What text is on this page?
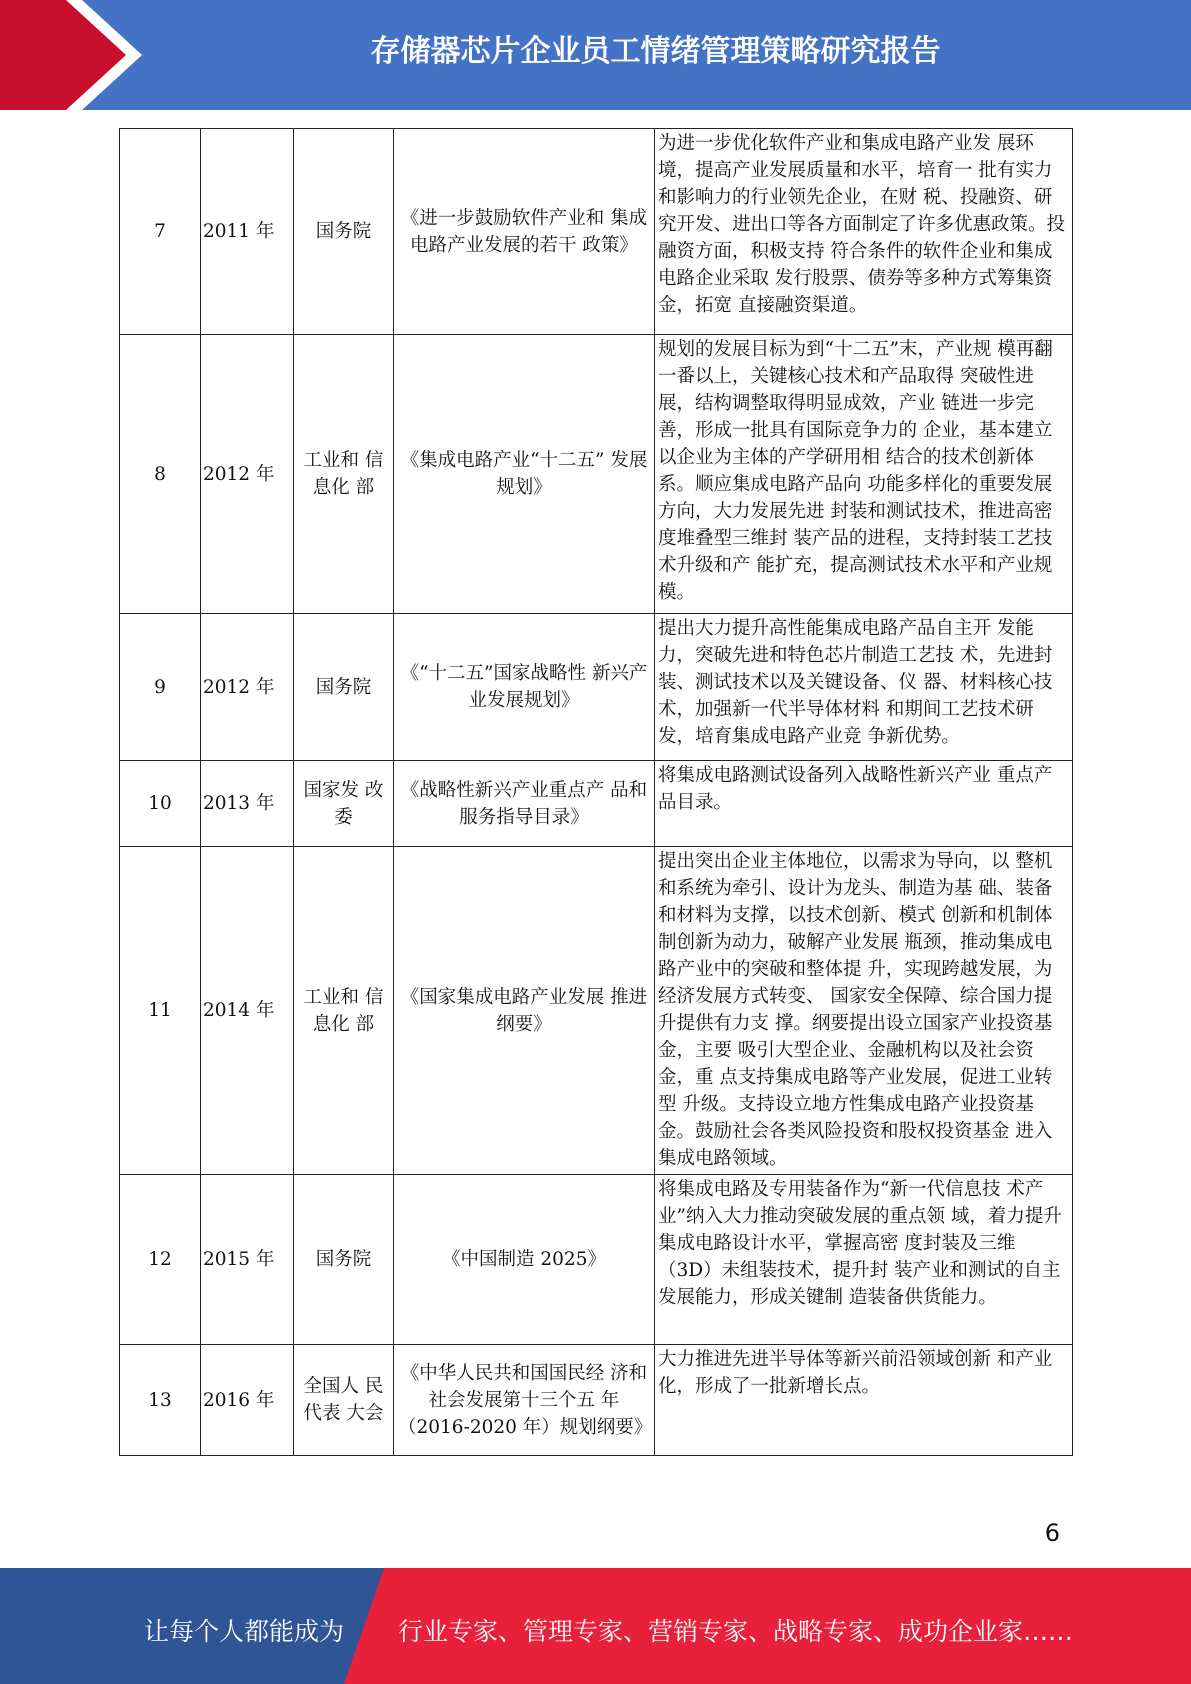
存储器芯片企业员工情绪管理策略研究报告
7	2011 年	国务院	《进一步鼓励软件产业和 集成电路产业发展的若干 政策》	为进一步优化软件产业和集成电路产业发 展环境，提高产业发展质量和水平，培育一 批有实力和影响力的行业领先企业，在财 税、投融资、研究开发、进出口等各方面制定了许多优惠政策。投融资方面，积极支持 符合条件的软件企业和集成电路企业采取 发行股票、债券等多种方式筹集资金，拓宽 直接融资渠道。
8	2012 年	工业和 信息化 部	《集成电路产业“十二五” 发展规划》	规划的发展目标为到“十二五”末，产业规 模再翻一番以上，关键核心技术和产品取得 突破性进展，结构调整取得明显成效，产业 链进一步完善，形成一批具有国际竞争力的 企业，基本建立以企业为主体的产学研用相 结合的技术创新体系。顺应集成电路产品向 功能多样化的重要发展方向，大力发展先进 封装和测试技术，推进高密度堆叠型三维封 装产品的进程，支持封装工艺技术升级和产 能扩充，提高测试技术水平和产业规模。
9	2012 年	国务院	《“十二五”国家战略性 新兴产业发展规划》	提出大力提升高性能集成电路产品自主开 发能力，突破先进和特色芯片制造工艺技 术，先进封装、测试技术以及关键设备、仪 器、材料核心技术，加强新一代半导体材料 和期间工艺技术研发，培育集成电路产业竞 争新优势。
10	2013 年	国家发 改委	《战略性新兴产业重点产 品和服务指导目录》	将集成电路测试设备列入战略性新兴产业 重点产品目录。
11	2014 年	工业和 信息化 部	《国家集成电路产业发展 推进纲要》	提出突出企业主体地位，以需求为导向，以 整机和系统为牵引、设计为龙头、制造为基 础、装备和材料为支撑，以技术创新、模式 创新和机制体制创新为动力，破解产业发展 瓶颈，推动集成电路产业中的突破和整体提 升，实现跨越发展，为经济发展方式转变、 国家安全保障、综合国力提升提供有力支 撑。纲要提出设立国家产业投资基金，主要 吸引大型企业、金融机构以及社会资金，重 点支持集成电路等产业发展，促进工业转型 升级。支持设立地方性集成电路产业投资基 金。鼓励社会各类风险投资和股权投资基金 进入集成电路领域。
12	2015 年	国务院	《中国制造 2025》	将集成电路及专用装备作为“新一代信息技 术产业”纳入大力推动突破发展的重点领 域，着力提升集成电路设计水平，掌握高密 度封装及三维（3D）未组装技术，提升封 装产业和测试的自主发展能力，形成关键制 造装备供货能力。
13	2016 年	全国人 民代表 大会	《中华人民共和国国民经 济和社会发展第十三个五 年（2016-2020 年）规划纲要》	大力推进先进半导体等新兴前沿领域创新 和产业化，形成了一批新增长点。
6
让每个人都能成为 行业专家、管理专家、营销专家、战略专家、成功企业家……
